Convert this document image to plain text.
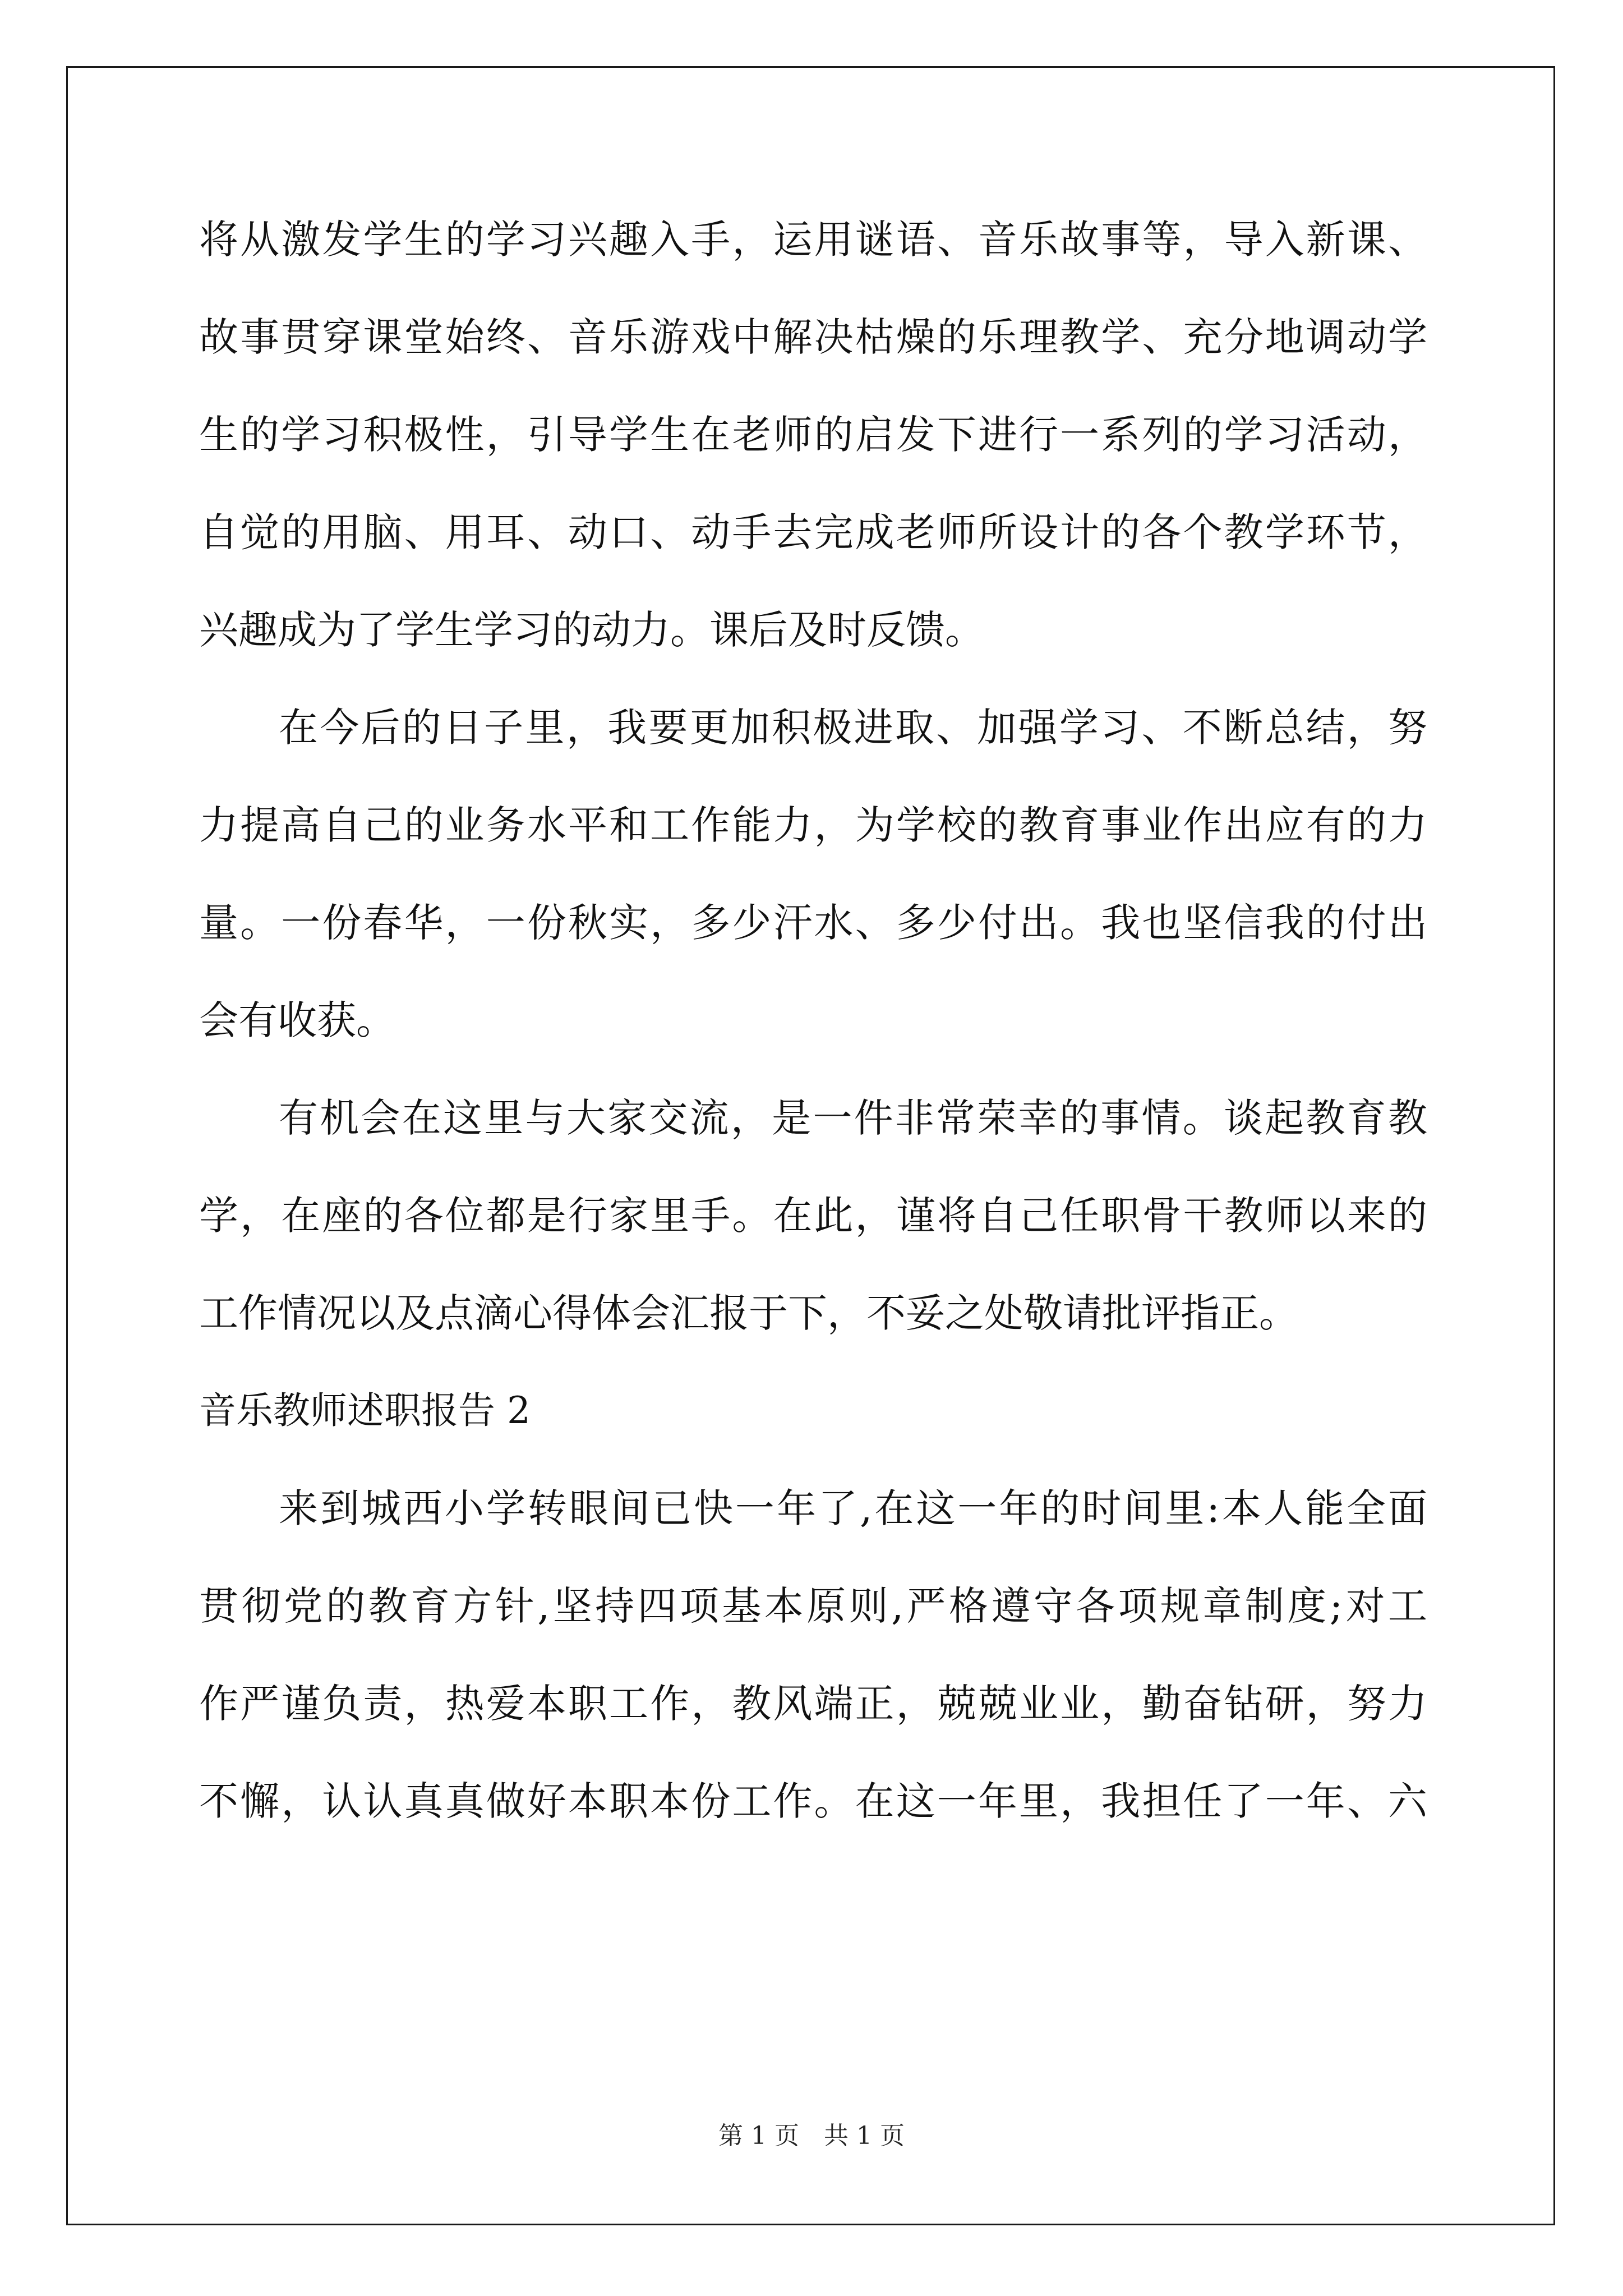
将从激发学生的学习兴趣入手，运用谜语、音乐故事等，导入新课、
故事贯穿课堂始终、音乐游戏中解决枯燥的乐理教学、充分地调动学
生的学习积极性，引导学生在老师的启发下进行一系列的学习活动，
自觉的用脑、用耳、动口、动手去完成老师所设计的各个教学环节，
兴趣成为了学生学习的动力。课后及时反馈。
在今后的日子里，我要更加积极进取、加强学习、不断总结，努
力提高自己的业务水平和工作能力，为学校的教育事业作出应有的力
量。一份春华，一份秋实，多少汗水、多少付出。我也坚信我的付出
会有收获。
有机会在这里与大家交流，是一件非常荣幸的事情。谈起教育教
学，在座的各位都是行家里手。在此，谨将自己任职骨干教师以来的
工作情况以及点滴心得体会汇报于下，不妥之处敬请批评指正。
音乐教师述职报告 2
来到城西小学转眼间已快一年了,在这一年的时间里:本人能全面
贯彻党的教育方针,坚持四项基本原则,严格遵守各项规章制度;对工
作严谨负责，热爱本职工作，教风端正，兢兢业业，勤奋钻研，努力
不懈，认认真真做好本职本份工作。在这一年里，我担任了一年、六
第 1 页　共 1 页
